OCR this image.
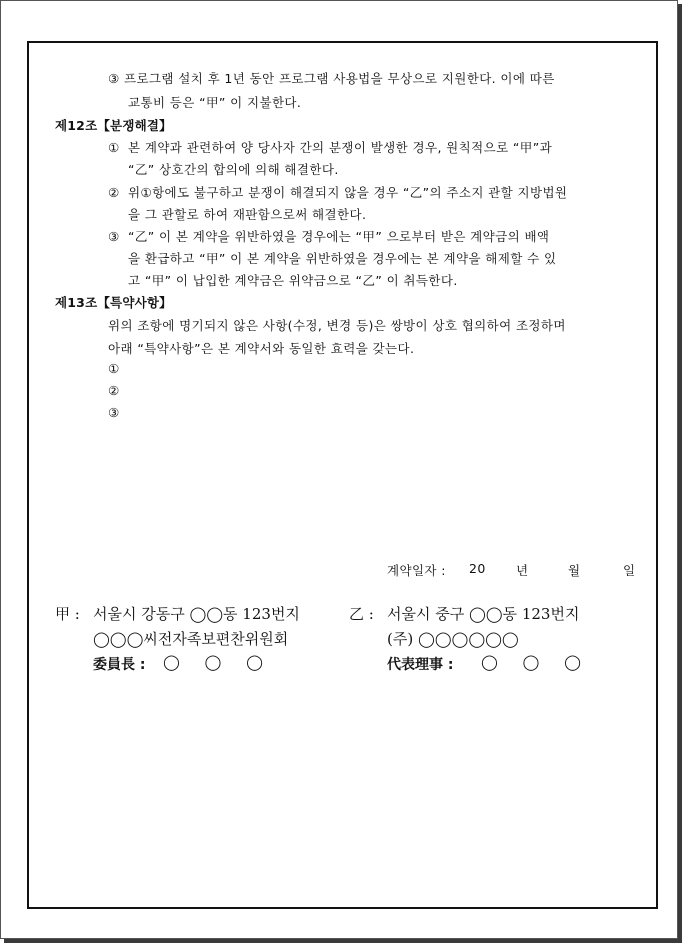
③ 프로그램 설치 후 1년 동안 프로그램 사용법을 무상으로 지원한다. 이에 따른
교통비 등은 “甲” 이 지불한다.
제12조【분쟁해결】
① 본 계약과 관련하여 양 당사자 간의 분쟁이 발생한 경우, 원칙적으로 “甲”과
“乙” 상호간의 합의에 의해 해결한다.
② 위①항에도 불구하고 분쟁이 해결되지 않을 경우 “乙”의 주소지 관할 지방법원
을 그 관할로 하여 재판함으로써 해결한다.
③ “乙” 이 본 계약을 위반하였을 경우에는 “甲” 으로부터 받은 계약금의 배액
을 환급하고 “甲” 이 본 계약을 위반하였을 경우에는 본 계약을 해제할 수 있
고 “甲” 이 납입한 계약금은 위약금으로 “乙” 이 취득한다.
제13조【특약사항】
위의 조항에 명기되지 않은 사항(수정, 변경 등)은 쌍방이 상호 협의하여 조정하며
아래 “특약사항”은 본 계약서와 동일한 효력을 갖는다.
①
②
③
계약일자 : 20 년	월	일
甲 : 서울시 강동구 ◯◯동 123번지
◯◯◯씨전자족보편찬위원회
委員長 : ◯ ◯ ◯
乙 : 서울시 중구 ◯◯동 123번지
(주) ◯◯◯◯◯◯
代表理事 : ◯ ◯ ◯
